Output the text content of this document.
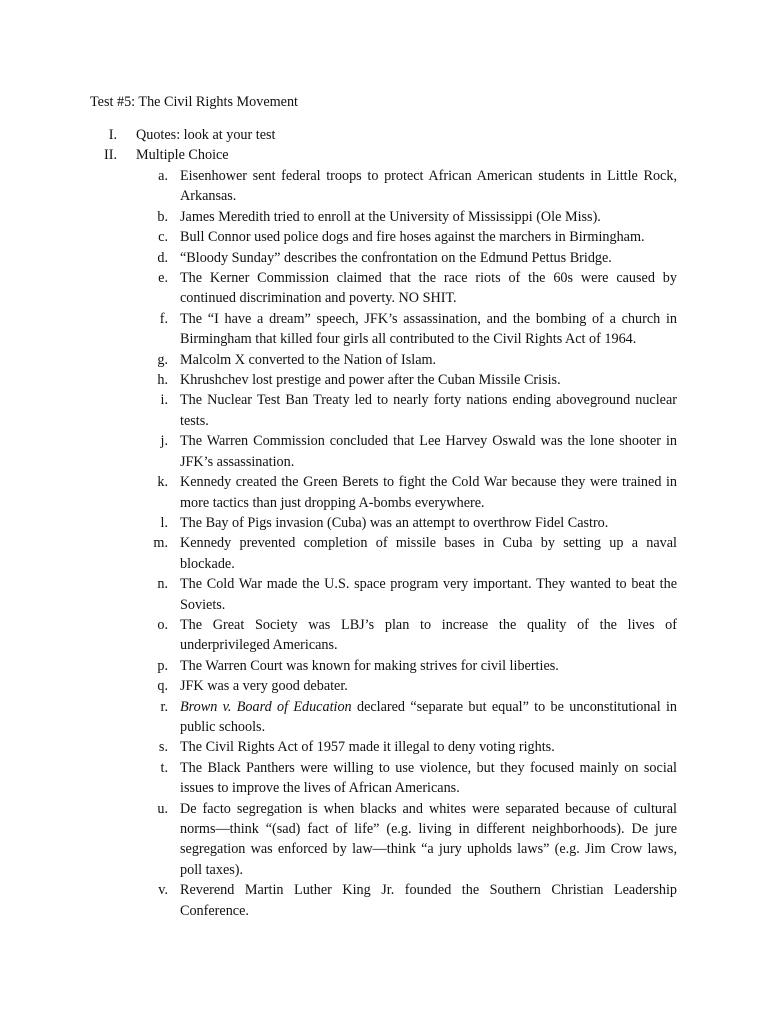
Test #5: The Civil Rights Movement
I. Quotes: look at your test
II. Multiple Choice
a. Eisenhower sent federal troops to protect African American students in Little Rock, Arkansas.
b. James Meredith tried to enroll at the University of Mississippi (Ole Miss).
c. Bull Connor used police dogs and fire hoses against the marchers in Birmingham.
d. “Bloody Sunday” describes the confrontation on the Edmund Pettus Bridge.
e. The Kerner Commission claimed that the race riots of the 60s were caused by continued discrimination and poverty. NO SHIT.
f. The “I have a dream” speech, JFK’s assassination, and the bombing of a church in Birmingham that killed four girls all contributed to the Civil Rights Act of 1964.
g. Malcolm X converted to the Nation of Islam.
h. Khrushchev lost prestige and power after the Cuban Missile Crisis.
i. The Nuclear Test Ban Treaty led to nearly forty nations ending aboveground nuclear tests.
j. The Warren Commission concluded that Lee Harvey Oswald was the lone shooter in JFK’s assassination.
k. Kennedy created the Green Berets to fight the Cold War because they were trained in more tactics than just dropping A-bombs everywhere.
l. The Bay of Pigs invasion (Cuba) was an attempt to overthrow Fidel Castro.
m. Kennedy prevented completion of missile bases in Cuba by setting up a naval blockade.
n. The Cold War made the U.S. space program very important. They wanted to beat the Soviets.
o. The Great Society was LBJ’s plan to increase the quality of the lives of underprivileged Americans.
p. The Warren Court was known for making strives for civil liberties.
q. JFK was a very good debater.
r. Brown v. Board of Education declared “separate but equal” to be unconstitutional in public schools.
s. The Civil Rights Act of 1957 made it illegal to deny voting rights.
t. The Black Panthers were willing to use violence, but they focused mainly on social issues to improve the lives of African Americans.
u. De facto segregation is when blacks and whites were separated because of cultural norms—think “(sad) fact of life” (e.g. living in different neighborhoods). De jure segregation was enforced by law—think “a jury upholds laws” (e.g. Jim Crow laws, poll taxes).
v. Reverend Martin Luther King Jr. founded the Southern Christian Leadership Conference.
